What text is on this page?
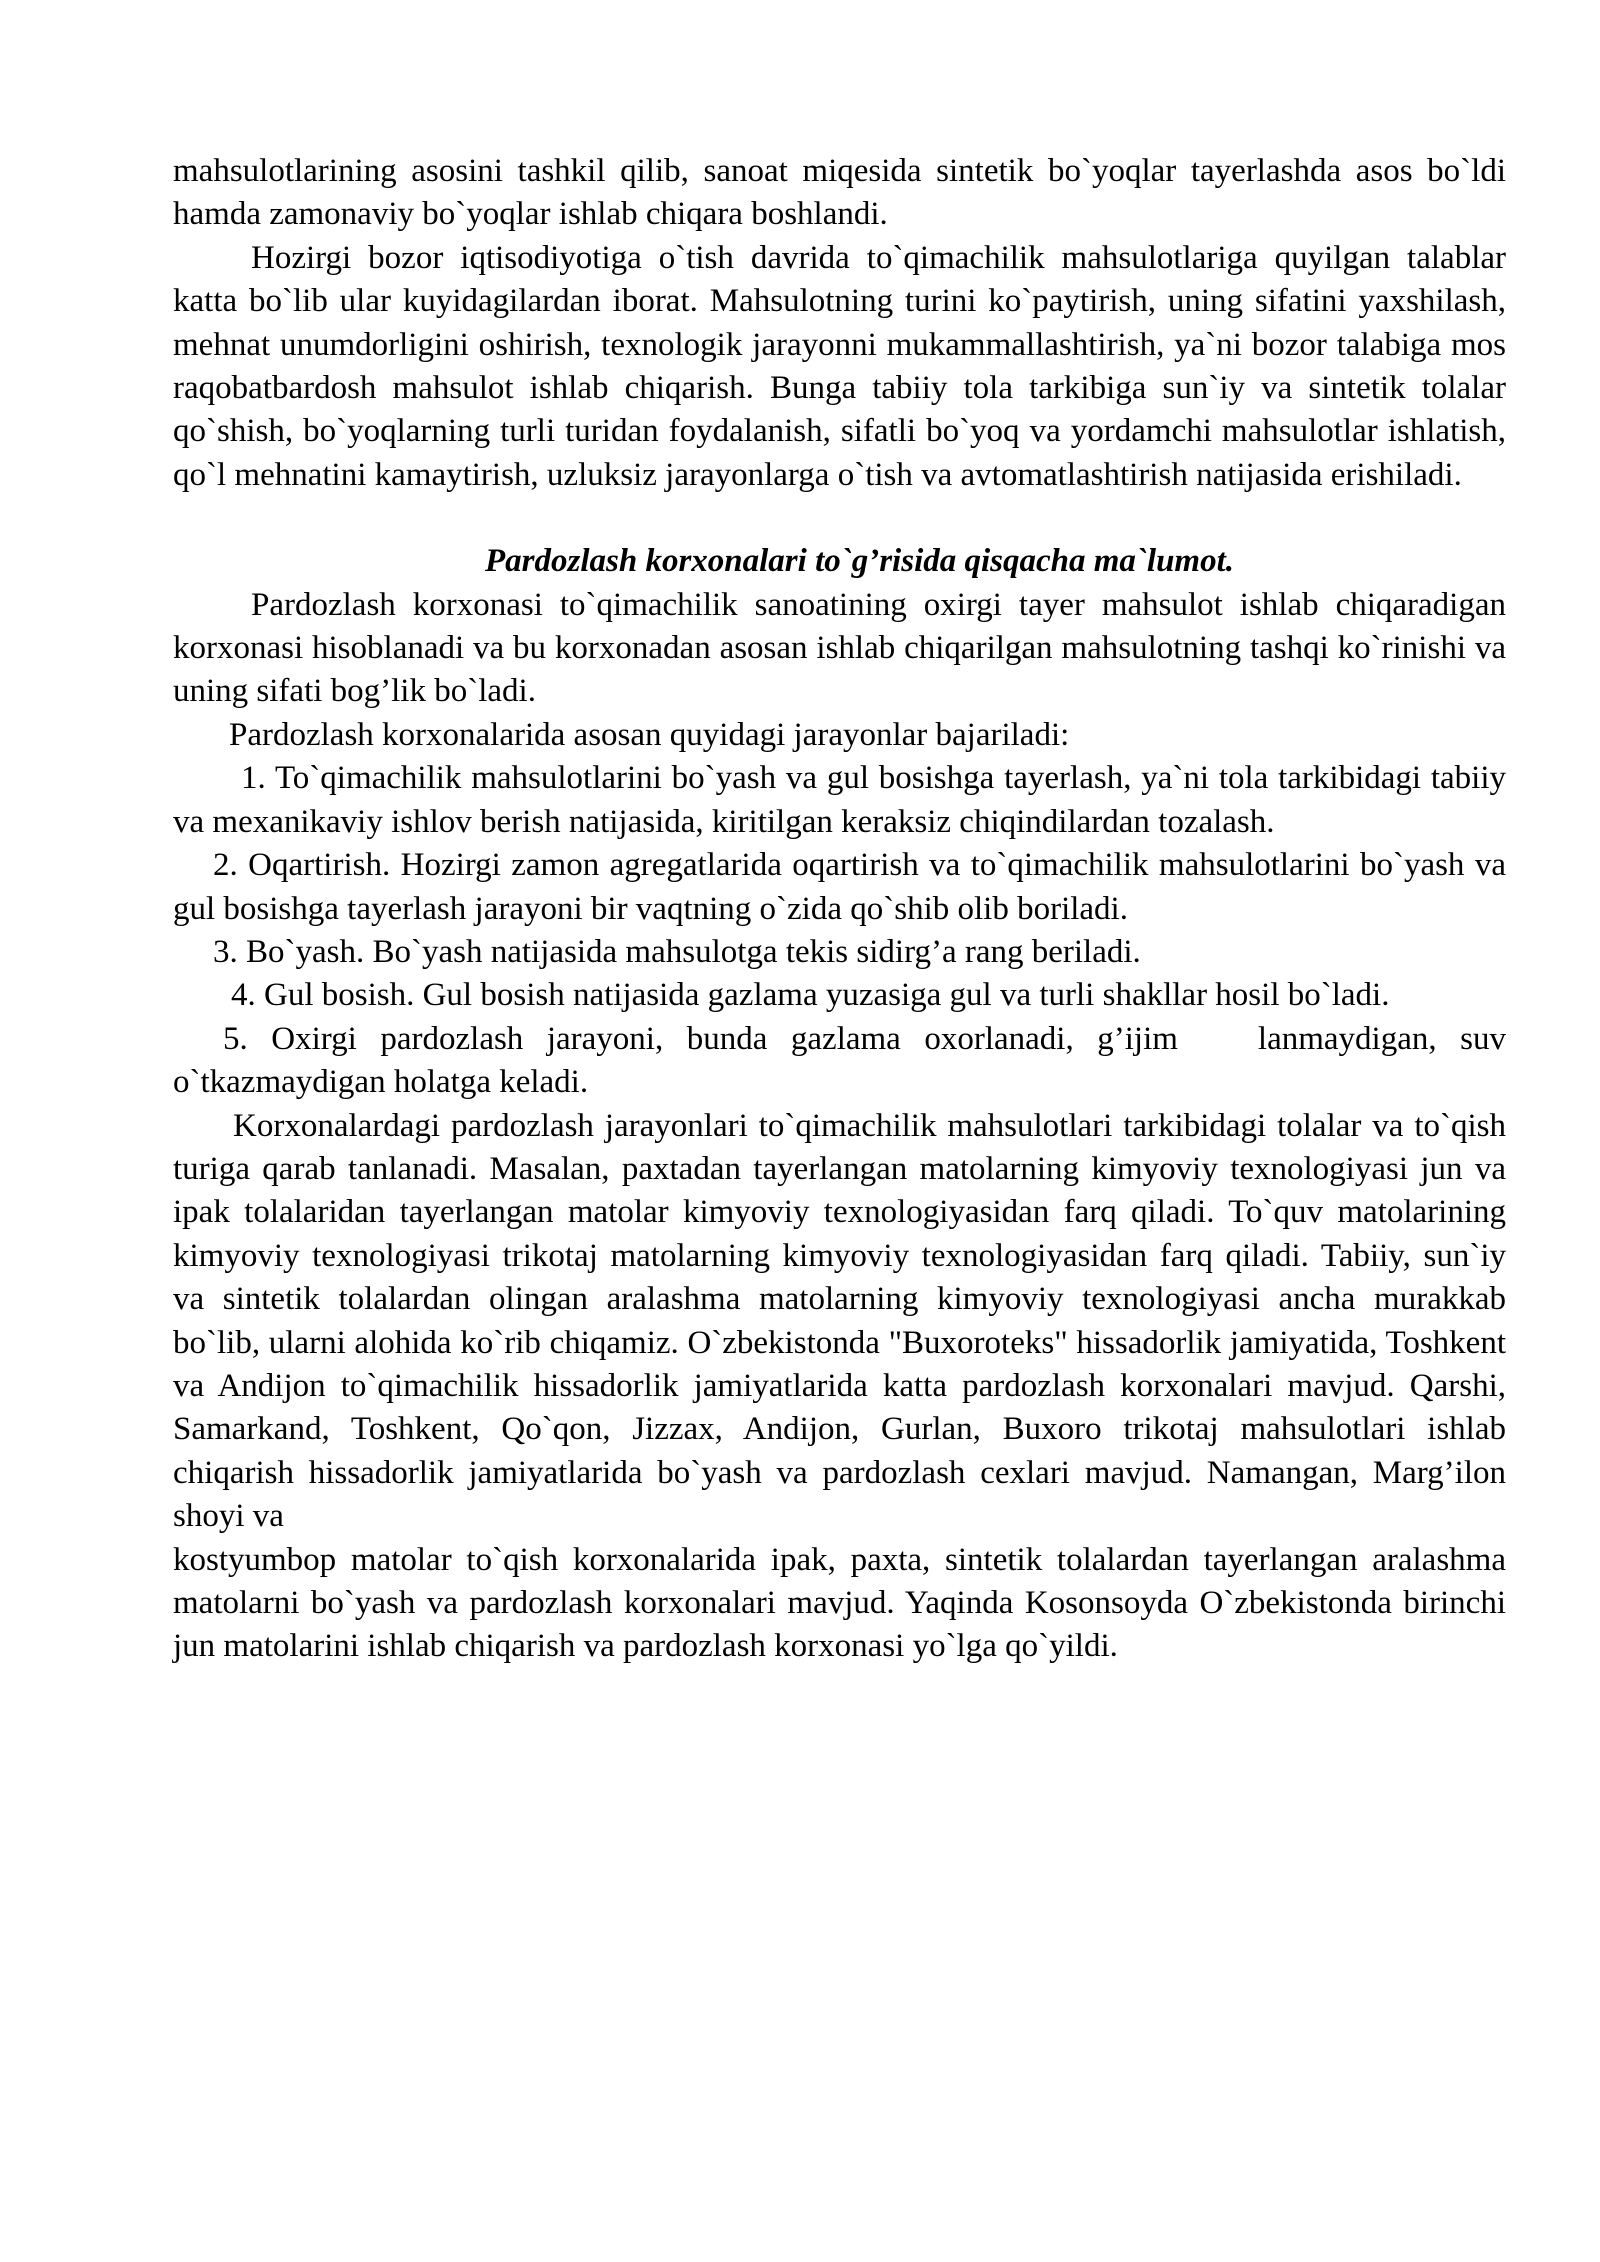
mahsulotlarining asosini tashkil qilib, sanoat miqesida sintetik bo`yoqlar tayerlashda asos bo`ldi hamda zamonaviy bo`yoqlar ishlab chiqara boshlandi.

Hozirgi bozor iqtisodiyotiga o`tish davrida to`qimachilik mahsulotlariga quyilgan talablar katta bo`lib ular kuyidagilardan iborat. Mahsulotning turini ko`paytirish, uning sifatini yaxshilash, mehnat unumdorligini oshirish, texnologik jarayonni mukammallashtirish, ya`ni bozor talabiga mos raqobatbardosh mahsulot ishlab chiqarish. Bunga tabiiy tola tarkibiga sun`iy va sintetik tolalar qo`shish, bo`yoqlarning turli turidan foydalanish, sifatli bo`yoq va yordamchi mahsulotlar ishlatish, qo`l mehnatini kamaytirish, uzluksiz jarayonlarga o`tish va avtomatlashtirish natijasida erishiladi.

Pardozlash korxonalari to`g’risida qisqacha ma`lumot.

Pardozlash korxonasi to`qimachilik sanoatining oxirgi tayer mahsulot ishlab chiqaradigan korxonasi hisoblanadi va bu korxonadan asosan ishlab chiqarilgan mahsulotning tashqi ko`rinishi va uning sifati bog’lik bo`ladi.

Pardozlash korxonalarida asosan quyidagi jarayonlar bajariladi:

1. To`qimachilik mahsulotlarini bo`yash va gul bosishga tayerlash, ya`ni tola tarkibidagi tabiiy va mexanikaviy ishlov berish natijasida, kiritilgan keraksiz chiqindilardan tozalash.

2. Oqartirish. Hozirgi zamon agregatlarida oqartirish va to`qimachilik mahsulotlarini bo`yash va gul bosishga tayerlash jarayoni bir vaqtning o`zida qo`shib olib boriladi.

3. Bo`yash. Bo`yash natijasida mahsulotga tekis sidirg’a rang beriladi.

4. Gul bosish. Gul bosish natijasida gazlama yuzasiga gul va turli shakllar hosil bo`ladi.

5. Oxirgi pardozlash jarayoni, bunda gazlama oxorlanadi, g’ijim lanmaydigan, suv o`tkazmaydigan holatga keladi.

Korxonalardagi pardozlash jarayonlari to`qimachilik mahsulotlari tarkibidagi tolalar va to`qish turiga qarab tanlanadi. Masalan, paxtadan tayerlangan matolarning kimyoviy texnologiyasi jun va ipak tolalaridan tayerlangan matolar kimyoviy texnologiyasidan farq qiladi. To`quv matolarining kimyoviy texnologiyasi trikotaj matolarning kimyoviy texnologiyasidan farq qiladi. Tabiiy, sun`iy va sintetik tolalardan olingan aralashma matolarning kimyoviy texnologiyasi ancha murakkab bo`lib, ularni alohida ko`rib chiqamiz. O`zbekistonda "Buxoroteks" hissadorlik jamiyatida, Toshkent va Andijon to`qimachilik hissadorlik jamiyatlarida katta pardozlash korxonalari mavjud. Qarshi, Samarkand, Toshkent, Qo`qon, Jizzax, Andijon, Gurlan, Buxoro trikotaj mahsulotlari ishlab chiqarish hissadorlik jamiyatlarida bo`yash va pardozlash cexlari mavjud. Namangan, Marg’ilon shoyi va

kostyumbop matolar to`qish korxonalarida ipak, paxta, sintetik tolalardan tayerlangan aralashma matolarni bo`yash va pardozlash korxonalari mavjud. Yaqinda Kosonsoyda O`zbekistonda birinchi jun matolarini ishlab chiqarish va pardozlash korxonasi yo`lga qo`yildi.
